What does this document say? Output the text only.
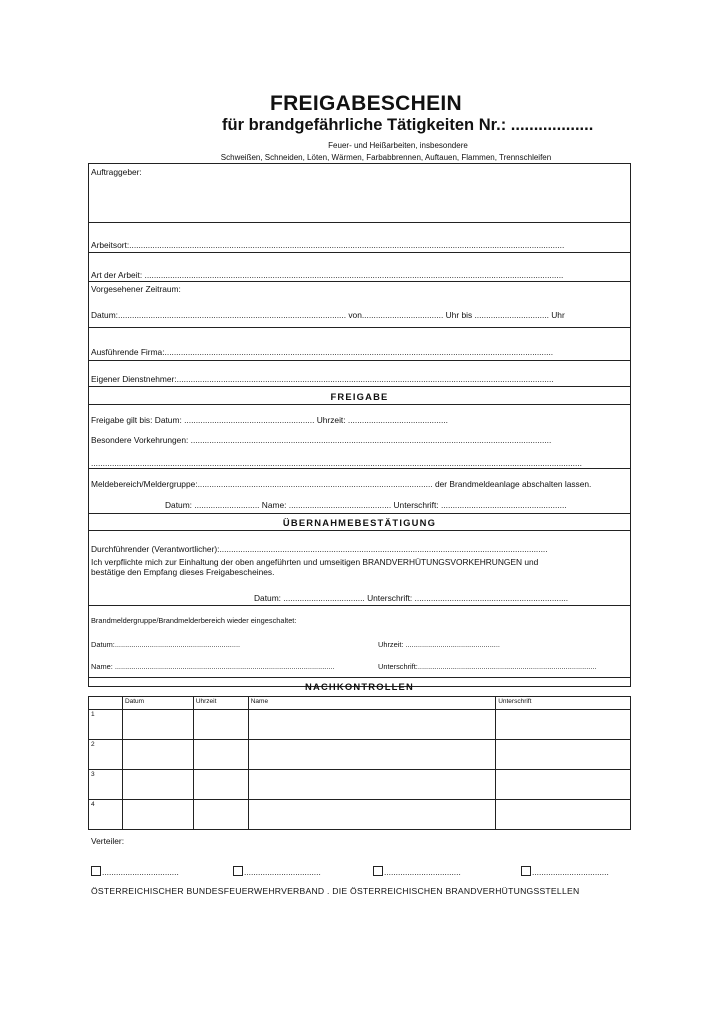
FREIGABESCHEIN
für brandgefährliche Tätigkeiten Nr.: ..................
Feuer- und Heißarbeiten, insbesondere
Schweißen, Schneiden, Löten, Wärmen, Farbabbrennen, Auftauen, Flammen, Trennschleifen
Auftraggeber:
Arbeitsort:...........................................................................................................................................................................................
Art der Arbeit: ....................................................................................................................................................................................
Vorgesehener Zeitraum:
Datum:.................................................................................................. von................................... Uhr bis ................................ Uhr
Ausführende Firma:.......................................................................................................................................................................
Eigener Dienstnehmer:..................................................................................................................................................................
FREIGABE
Freigabe gilt bis: Datum: ........................................................ Uhrzeit: ...........................................
Besondere Vorkehrungen: ...........................................................................................................................................................
...................................................................................................................................................................................................................
Meldebereich/Meldergruppe:..................................................................................................... der Brandmeldeanlage abschalten lassen.
Datum: ............................ Name: ............................................ Unterschrift: ......................................................
ÜBERNAHMEBESTÄTIGUNG
Durchführender (Verantwortlicher):.............................................................................................................................................
Ich verpflichte mich zur Einhaltung der oben angeführten und umseitigen BRANDVERHÜTUNGSVORKEHRUNGEN und
bestätige den Empfang dieses Freigabescheines.
Datum: ................................... Unterschrift: ..................................................................
Brandmeldergruppe/Brandmelderbereich wieder eingeschaltet:
Datum:.............................................................	Uhrzeit: ..............................................
Name: ...........................................................................................................	Unterschrift:.......................................................................................
NACHKONTROLLEN
	Datum	Uhrzeit	Name	Unterschrift
1				
2				
3				
4				
Verteiler:
.................................	.................................	.................................	.................................
ÖSTERREICHISCHER BUNDESFEUERWEHRVERBAND . DIE ÖSTERREICHISCHEN BRANDVERHÜTUNGSSTELLEN
